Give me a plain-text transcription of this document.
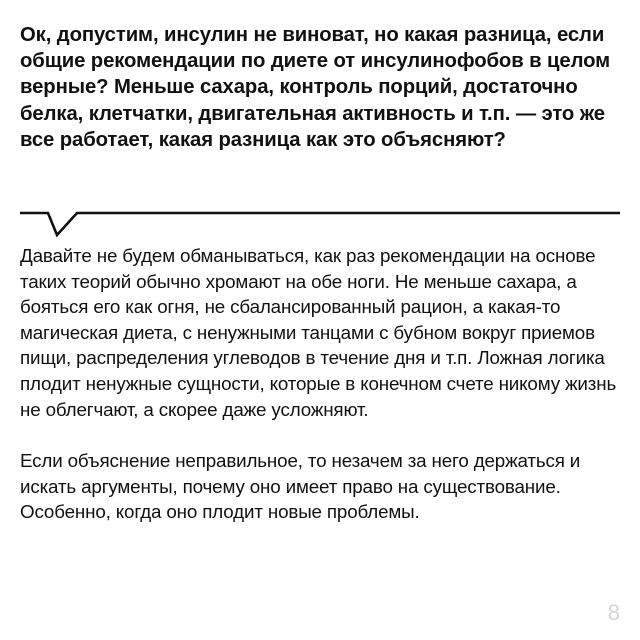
Ок, допустим, инсулин не виноват, но какая разница, если общие рекомендации по диете от инсулинофобов в целом верные? Меньше сахара, контроль порций, достаточно белка, клетчатки, двигательная активность и т.п. — это же все работает, какая разница как это объясняют?

Давайте не будем обманываться, как раз рекомендации на основе таких теорий обычно хромают на обе ноги. Не меньше сахара, а бояться его как огня, не сбалансированный рацион, а какая-то магическая диета, с ненужными танцами с бубном вокруг приемов пищи, распределения углеводов в течение дня и т.п. Ложная логика плодит ненужные сущности, которые в конечном счете никому жизнь не облегчают, а скорее даже усложняют.

Если объяснение неправильное, то незачем за него держаться и искать аргументы, почему оно имеет право на существование. Особенно, когда оно плодит новые проблемы.

8
